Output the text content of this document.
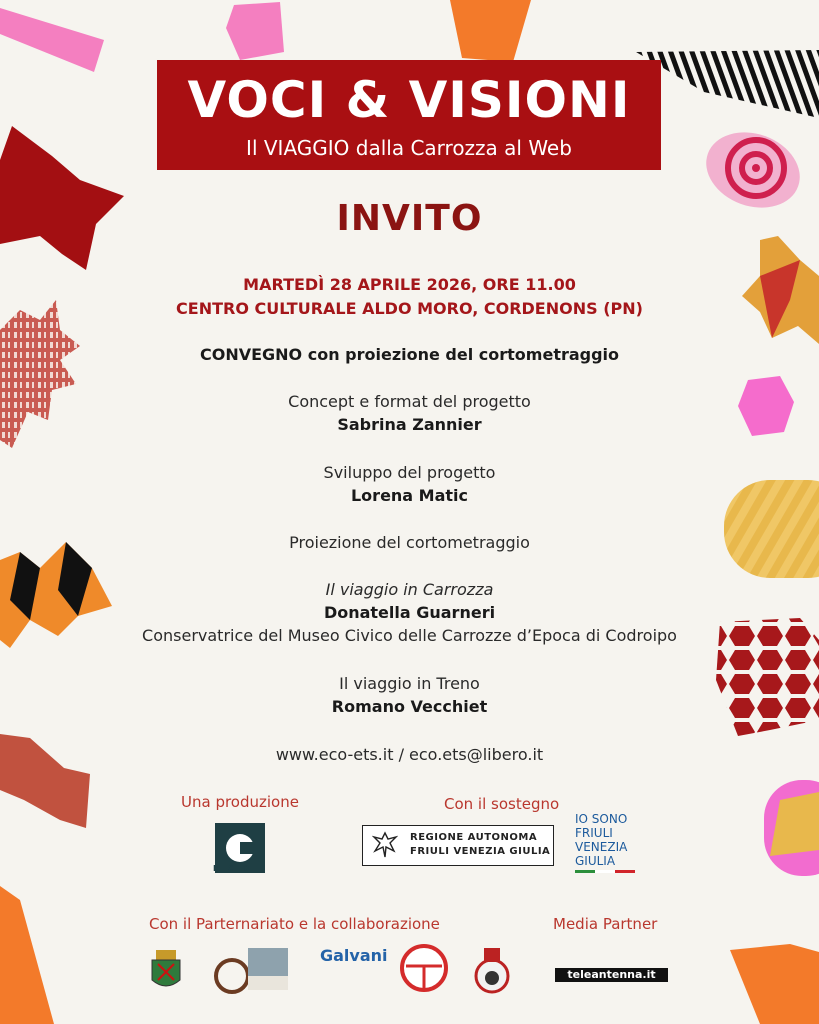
VOCI & VISIONI
Il VIAGGIO dalla Carrozza al Web
INVITO
MARTEDÌ 28 APRILE 2026, ORE 11.00
CENTRO CULTURALE ALDO MORO, CORDENONS (PN)
CONVEGNO con proiezione del cortometraggio
Concept e format del progetto
Sabrina Zannier
Sviluppo del progetto
Lorena Matic
Proiezione del cortometraggio
Il viaggio in Carrozza
Donatella Guarneri
Conservatrice del Museo Civico delle Carrozze d’Epoca di Codroipo
Il viaggio in Treno
Romano Vecchiet
www.eco-ets.it / eco.ets@libero.it
Una produzione	Con il sostegno
Con il Parternariato e la collaborazione	Media Partner
ECO
REGIONE AUTONOMA
FRIULI VENEZIA GIULIA
IO SONO
FRIULI
VENEZIA
GIULIA
Galvani
teleantenna.it
